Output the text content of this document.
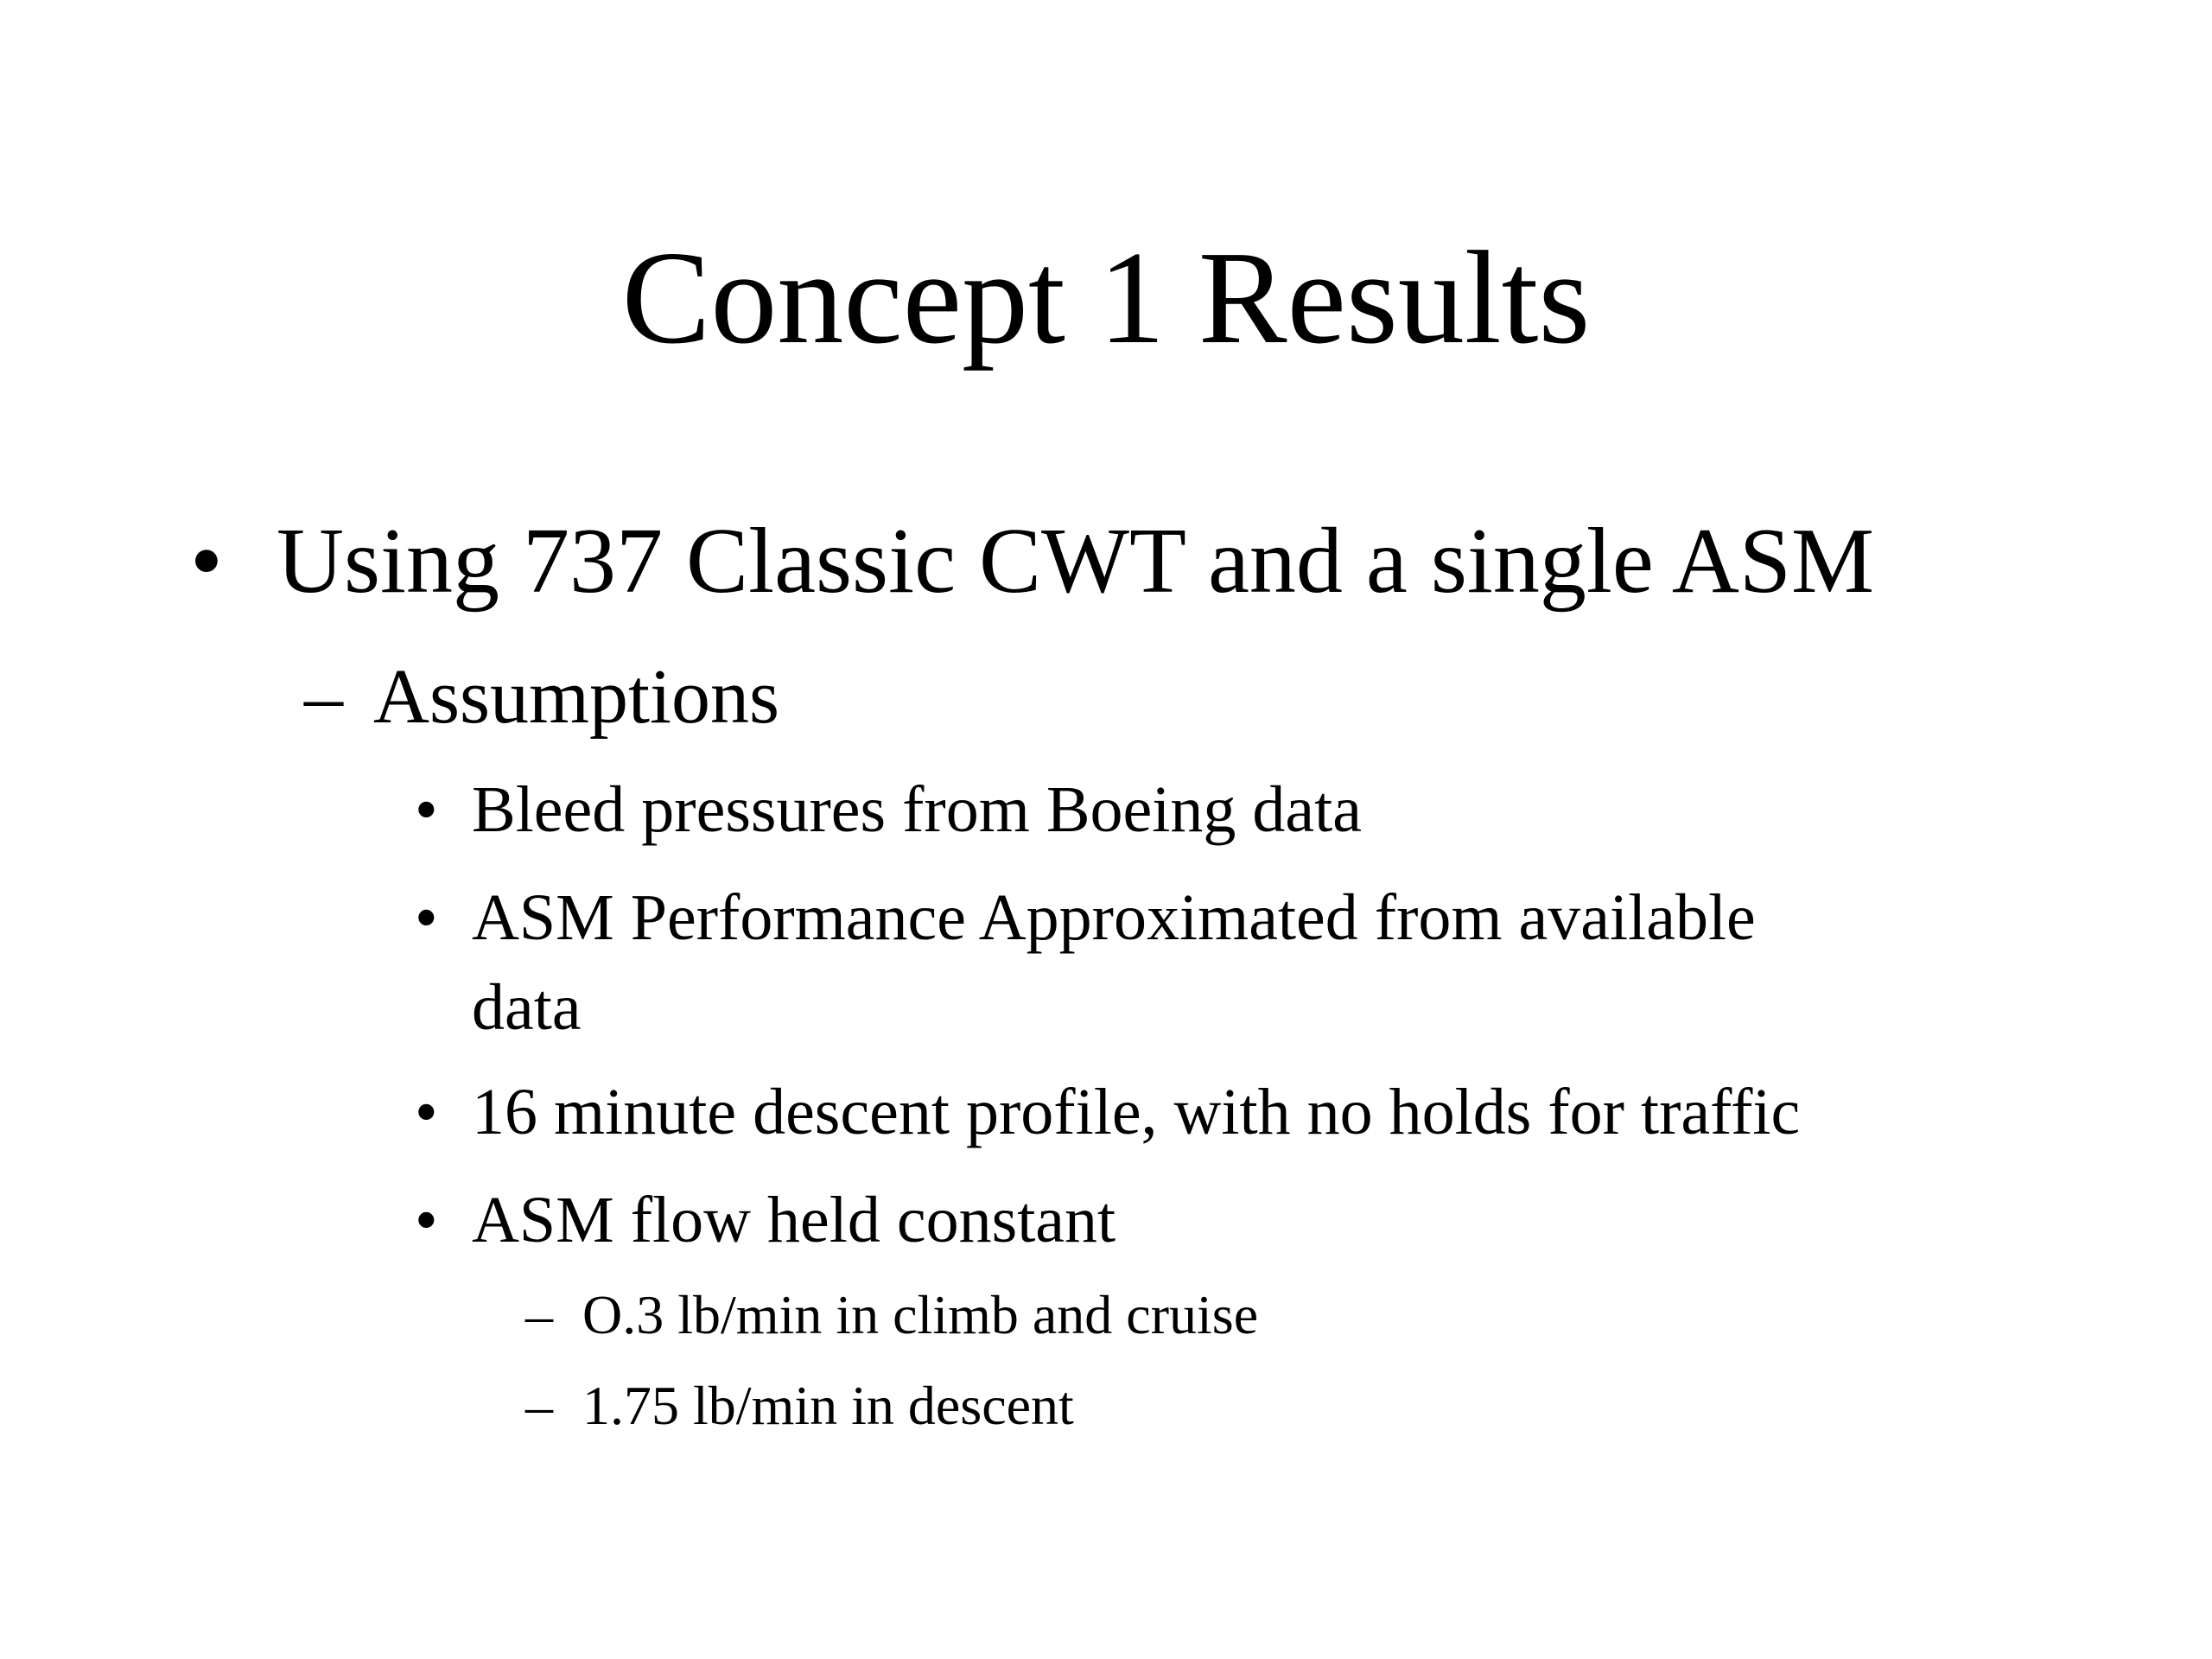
Concept 1 Results
• Using 737 Classic CWT and a single ASM
– Assumptions
• Bleed pressures from Boeing data
• ASM Performance Approximated from available
data
• 16 minute descent profile, with no holds for traffic
• ASM flow held constant
– O.3 lb/min in climb and cruise
– 1.75 lb/min in descent
